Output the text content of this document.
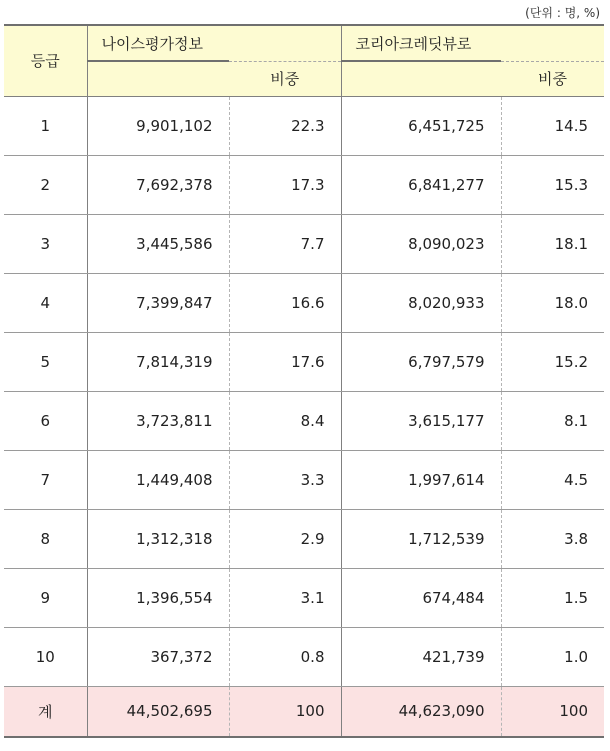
(단위 : 명, %)
등급	나이스평가정보		코리아크레딧뷰로	
		비중		비중
1	9,901,102	22.3	6,451,725	14.5
2	7,692,378	17.3	6,841,277	15.3
3	3,445,586	7.7	8,090,023	18.1
4	7,399,847	16.6	8,020,933	18.0
5	7,814,319	17.6	6,797,579	15.2
6	3,723,811	8.4	3,615,177	8.1
7	1,449,408	3.3	1,997,614	4.5
8	1,312,318	2.9	1,712,539	3.8
9	1,396,554	3.1	674,484	1.5
10	367,372	0.8	421,739	1.0
계	44,502,695	100	44,623,090	100
